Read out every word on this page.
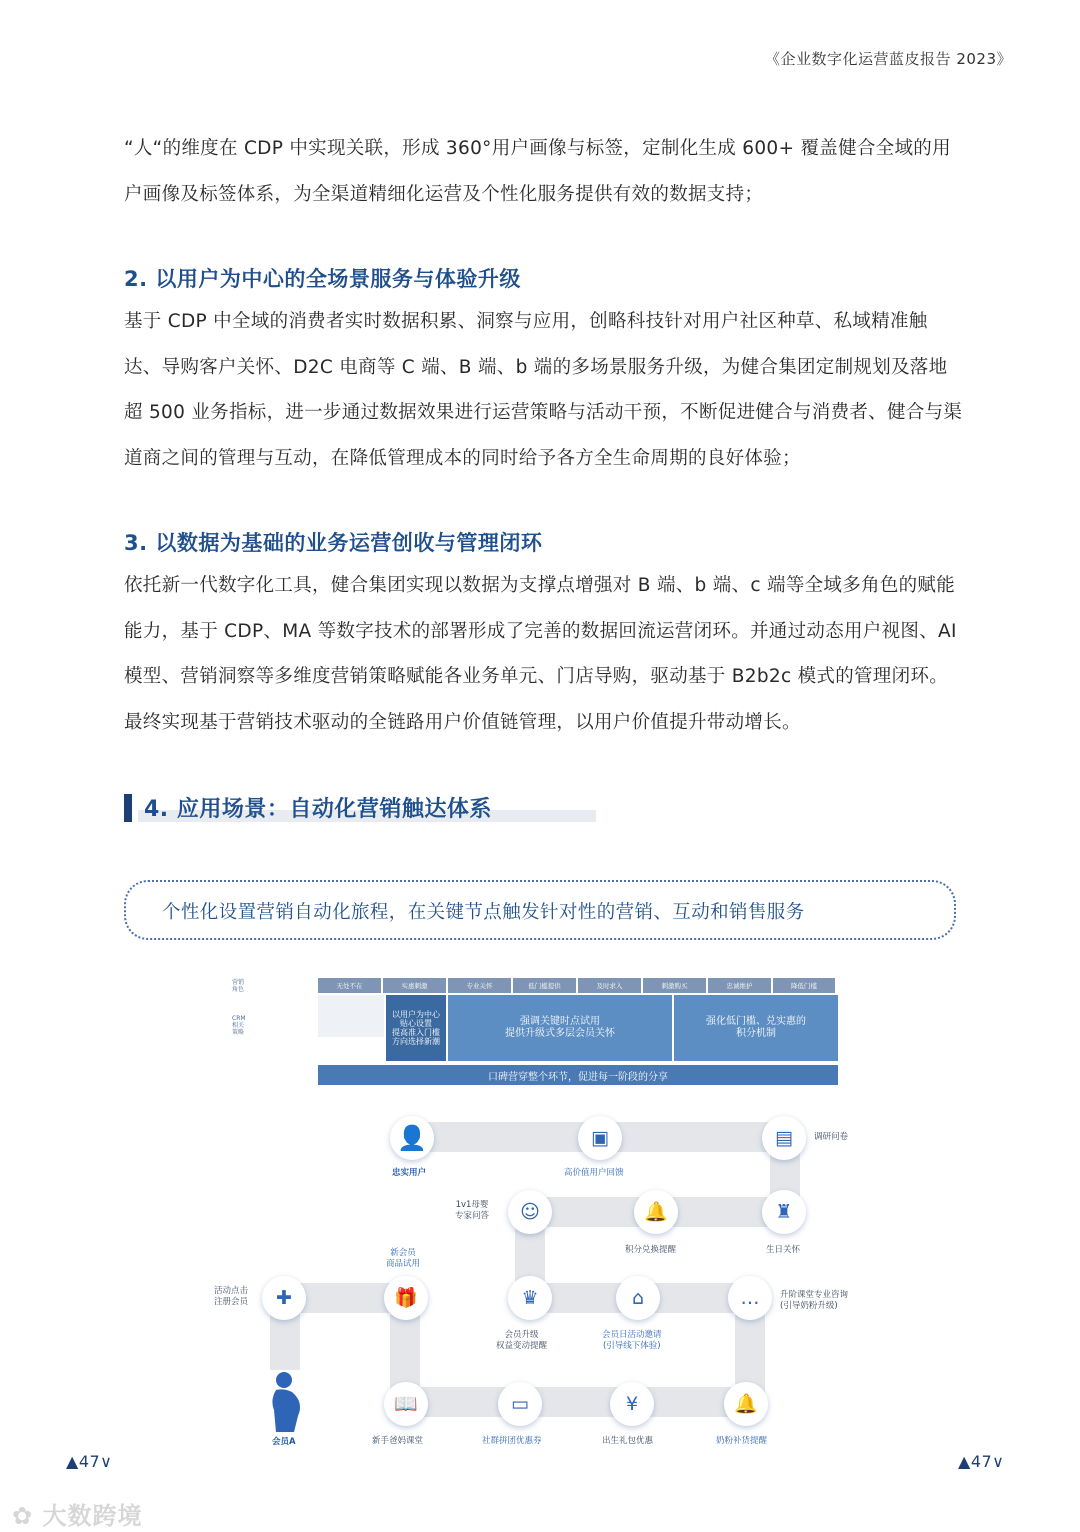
《企业数字化运营蓝皮报告 2023》
“人“的维度在 CDP 中实现关联，形成 360°用户画像与标签，定制化生成 600+ 覆盖健合全域的用户画像及标签体系，为全渠道精细化运营及个性化服务提供有效的数据支持；
2. 以用户为中心的全场景服务与体验升级
基于 CDP 中全域的消费者实时数据积累、洞察与应用，创略科技针对用户社区种草、私域精准触达、导购客户关怀、D2C 电商等 C 端、B 端、b 端的多场景服务升级，为健合集团定制规划及落地超 500 业务指标，进一步通过数据效果进行运营策略与活动干预，不断促进健合与消费者、健合与渠道商之间的管理与互动，在降低管理成本的同时给予各方全生命周期的良好体验；
3. 以数据为基础的业务运营创收与管理闭环
依托新一代数字化工具，健合集团实现以数据为支撑点增强对 B 端、b 端、c 端等全域多角色的赋能能力，基于 CDP、MA 等数字技术的部署形成了完善的数据回流运营闭环。并通过动态用户视图、AI 模型、营销洞察等多维度营销策略赋能各业务单元、门店导购，驱动基于 B2b2c 模式的管理闭环。最终实现基于营销技术驱动的全链路用户价值链管理，以用户价值提升带动增长。
4. 应用场景：自动化营销触达体系
个性化设置营销自动化旅程，在关键节点触发针对性的营销、互动和销售服务
营销
角色
CRM
相关
策略
无处不在	实惠刺激	专业关怀	低门槛提供	及时求入	刺激购买	忠诚维护	降低门槛
以用户为中心
贴心设置
提高准入门槛
方向选择新潮
强调关键时点试用
提供升级式多层会员关怀
强化低门槛、兑实惠的
积分机制
口碑营穿整个环节，促进每一阶段的分享
👤
忠实用户
▣
高价值用户回馈
▤ 调研问卷
☺
1v1母婴
专家问答	🔔
积分兑换提醒
♜
生日关怀
✚
活动点击
注册会员	🎁
新会员
商品试用
♛
会员升级
权益变动提醒
⌂
会员日活动邀请
(引导线下体验)
… 升阶课堂专业咨询
(引导奶粉升级)
会员A
📖
新手爸妈课堂
▭
社群拼团优惠券
¥
出生礼包优惠
🔔
奶粉补货提醒
▲47∨	▲47∨
✿ 大数跨境
